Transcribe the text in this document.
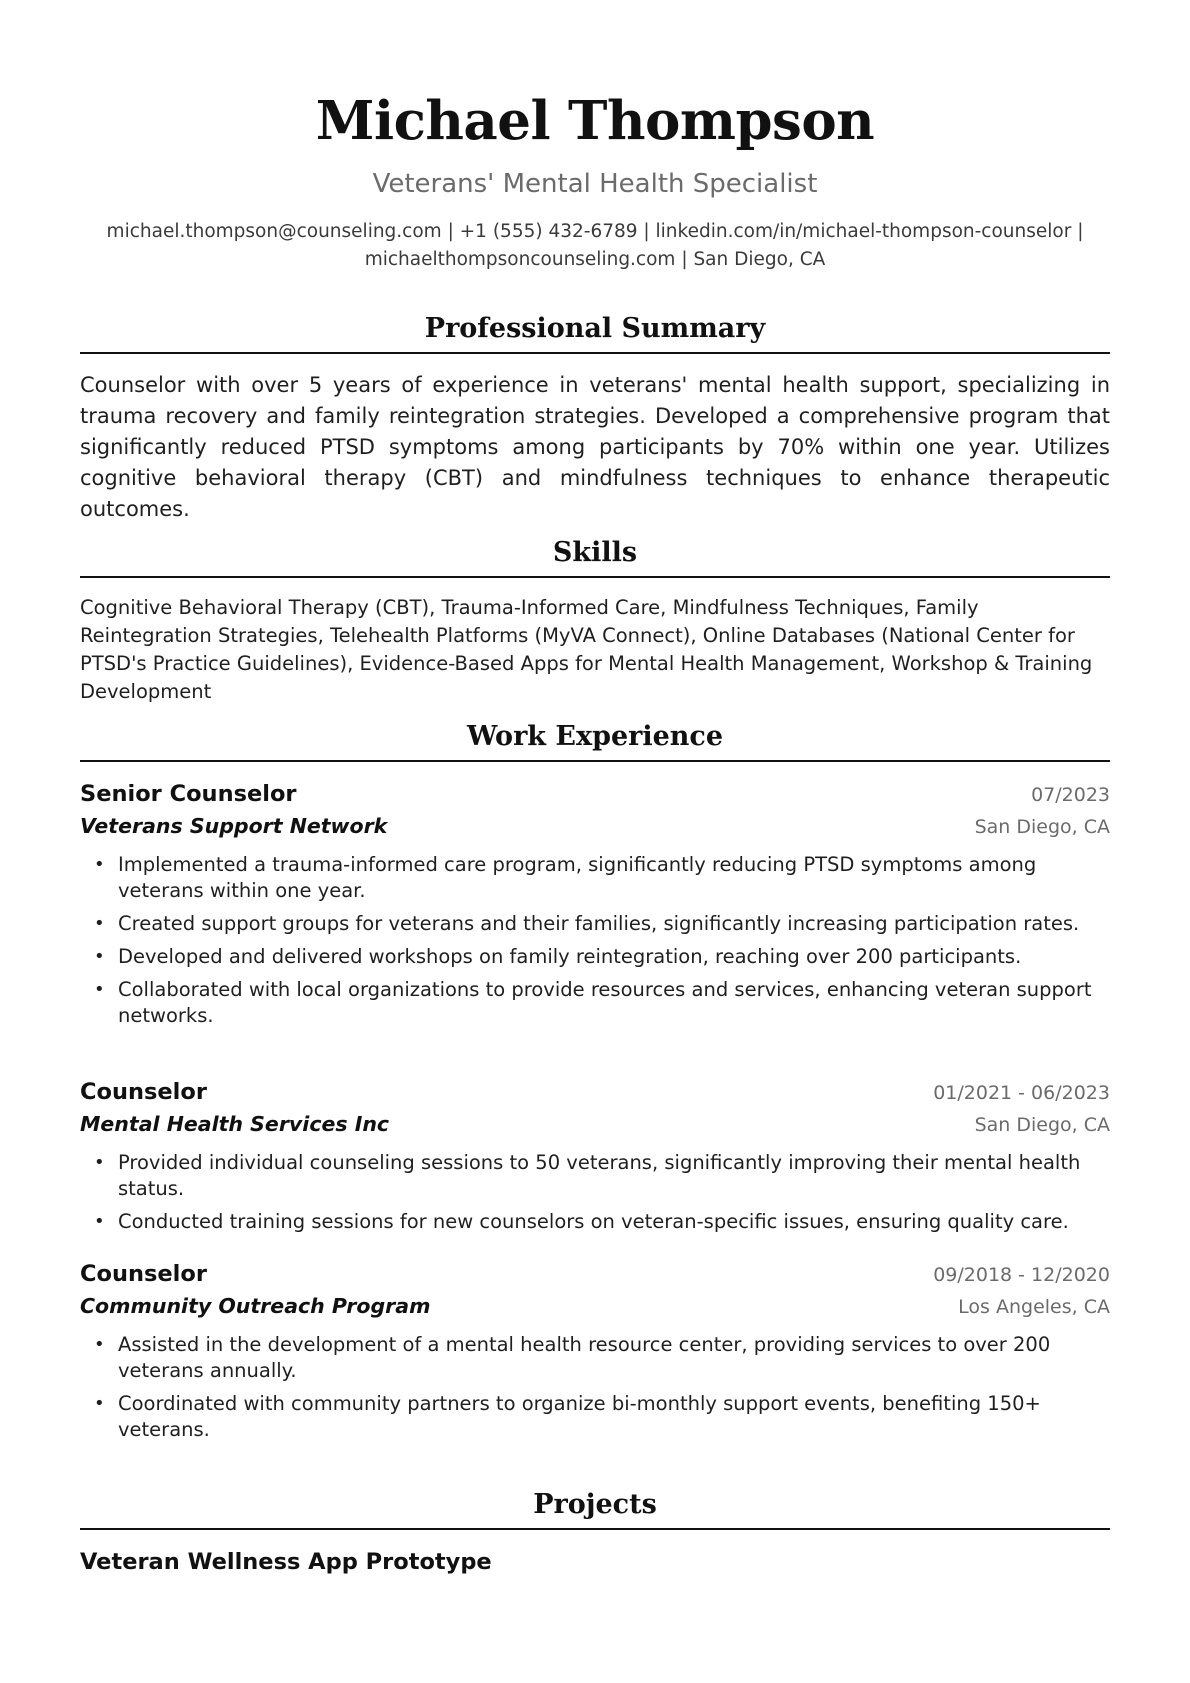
Michael Thompson
Veterans' Mental Health Specialist
michael.thompson@counseling.com | +1 (555) 432-6789 | linkedin.com/in/michael-thompson-counselor |
michaelthompsoncounseling.com | San Diego, CA
Professional Summary
Counselor with over 5 years of experience in veterans' mental health support, specializing in trauma recovery and family reintegration strategies. Developed a comprehensive program that significantly reduced PTSD symptoms among participants by 70% within one year. Utilizes cognitive behavioral therapy (CBT) and mindfulness techniques to enhance therapeutic outcomes.
Skills
Cognitive Behavioral Therapy (CBT), Trauma-Informed Care, Mindfulness Techniques, Family Reintegration Strategies, Telehealth Platforms (MyVA Connect), Online Databases (National Center for PTSD's Practice Guidelines), Evidence-Based Apps for Mental Health Management, Workshop & Training Development
Work Experience
Senior Counselor	07/2023
Veterans Support Network	San Diego, CA
• Implemented a trauma-informed care program, significantly reducing PTSD symptoms among veterans within one year.
• Created support groups for veterans and their families, significantly increasing participation rates.
• Developed and delivered workshops on family reintegration, reaching over 200 participants.
• Collaborated with local organizations to provide resources and services, enhancing veteran support networks.
Counselor	01/2021 - 06/2023
Mental Health Services Inc	San Diego, CA
• Provided individual counseling sessions to 50 veterans, significantly improving their mental health status.
• Conducted training sessions for new counselors on veteran-specific issues, ensuring quality care.
Counselor	09/2018 - 12/2020
Community Outreach Program	Los Angeles, CA
• Assisted in the development of a mental health resource center, providing services to over 200 veterans annually.
• Coordinated with community partners to organize bi-monthly support events, benefiting 150+ veterans.
Projects
Veteran Wellness App Prototype
